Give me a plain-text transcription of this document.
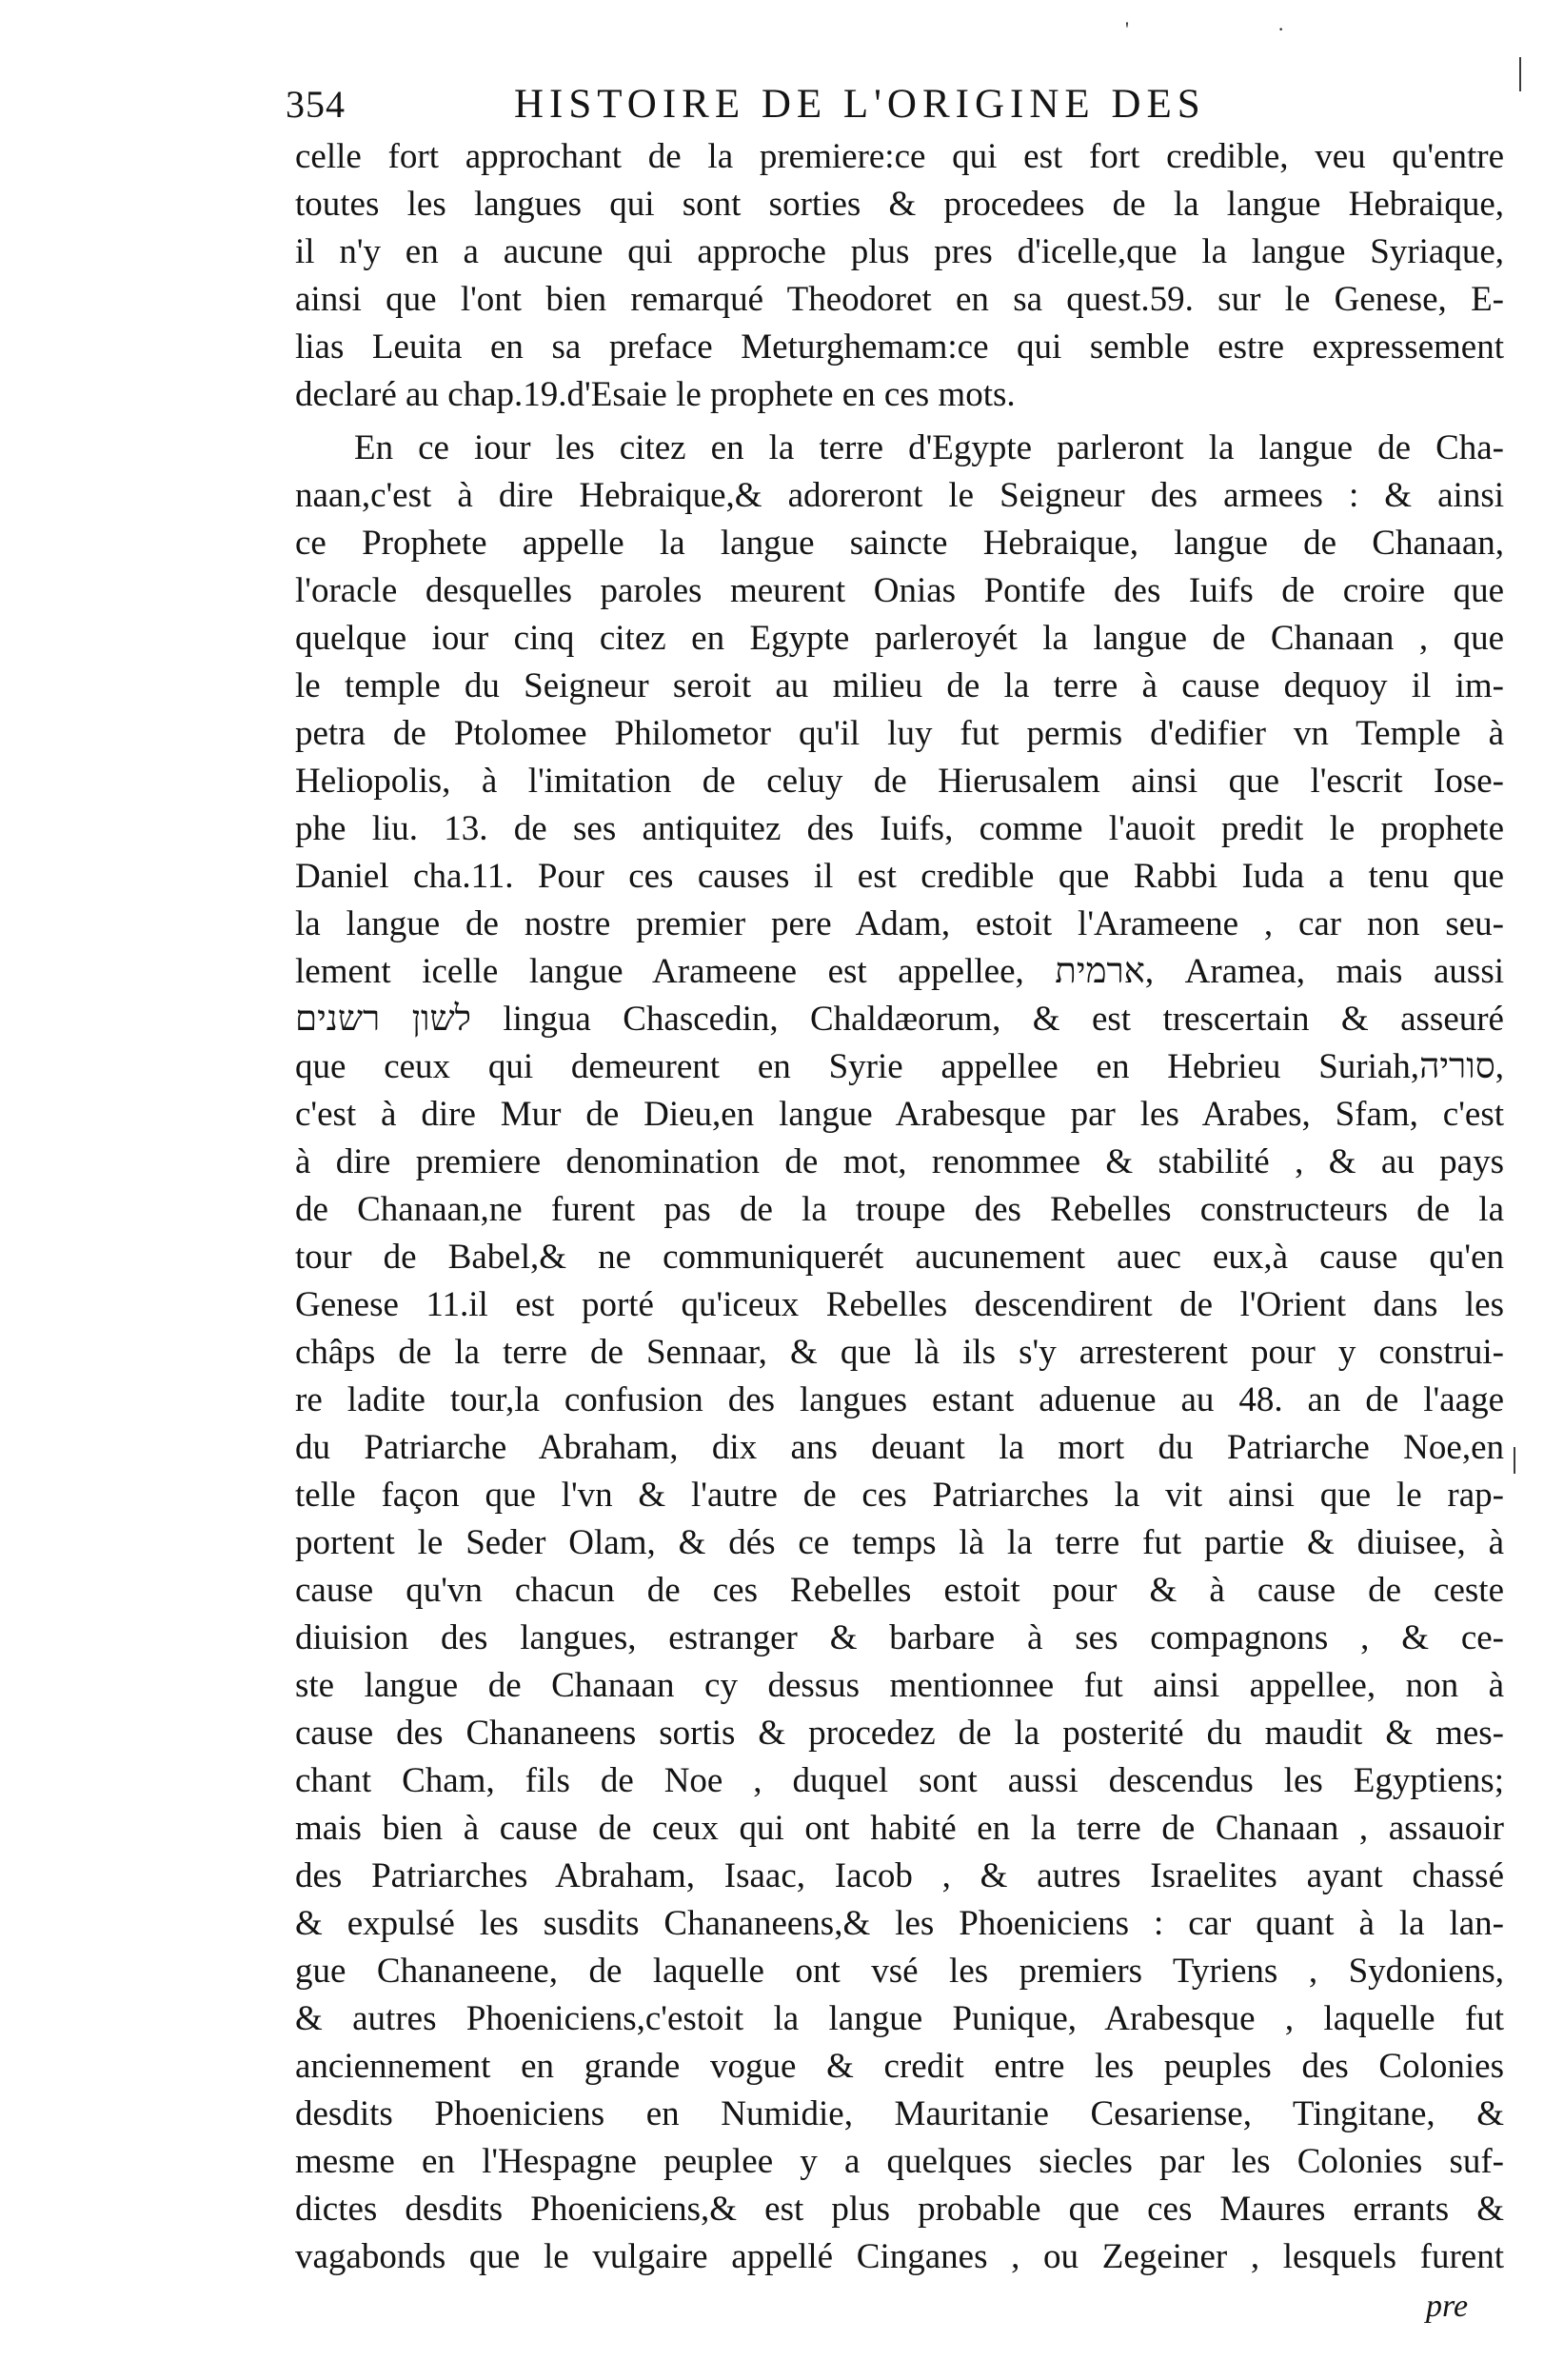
'	·
354	HISTOIRE DE L'ORIGINE DES
celle fort approchant de la premiere:ce qui est fort credible, veu qu'entre
toutes les langues qui sont sorties & procedees de la langue Hebraique,
il n'y en a aucune qui approche plus pres d'icelle,que la langue Syriaque,
ainsi que l'ont bien remarqué Theodoret en sa quest.59. sur le Genese, E-
lias Leuita en sa preface Meturghemam:ce qui semble estre expressement
declaré au chap.19.d'Esaie le prophete en ces mots.
En ce iour les citez en la terre d'Egypte parleront la langue de Cha-
naan,c'est à dire Hebraique,& adoreront le Seigneur des armees : & ainsi
ce Prophete appelle la langue saincte Hebraique, langue de Chanaan,
l'oracle desquelles paroles meurent Onias Pontife des Iuifs de croire que
quelque iour cinq citez en Egypte parleroyét la langue de Chanaan , que
le temple du Seigneur seroit au milieu de la terre à cause dequoy il im-
petra de Ptolomee Philometor qu'il luy fut permis d'edifier vn Temple à
Heliopolis, à l'imitation de celuy de Hierusalem ainsi que l'escrit Iose-
phe liu. 13. de ses antiquitez des Iuifs, comme l'auoit predit le prophete
Daniel cha.11. Pour ces causes il est credible que Rabbi Iuda a tenu que
la langue de nostre premier pere Adam, estoit l'Arameene , car non seu-
lement icelle langue Arameene est appellee, ארמית, Aramea, mais aussi
לשון רשנים lingua Chascedin, Chaldæorum, & est trescertain & asseuré
que ceux qui demeurent en Syrie appellee en Hebrieu Suriah,סוריה,
c'est à dire Mur de Dieu,en langue Arabesque par les Arabes, Sfam, c'est
à dire premiere denomination de mot, renommee & stabilité , & au pays
de Chanaan,ne furent pas de la troupe des Rebelles constructeurs de la
tour de Babel,& ne communiquerét aucunement auec eux,à cause qu'en
Genese 11.il est porté qu'iceux Rebelles descendirent de l'Orient dans les
châps de la terre de Sennaar, & que là ils s'y arresterent pour y construi-
re ladite tour,la confusion des langues estant aduenue au 48. an de l'aage
du Patriarche Abraham, dix ans deuant la mort du Patriarche Noe,en
telle façon que l'vn & l'autre de ces Patriarches la vit ainsi que le rap-
portent le Seder Olam, & dés ce temps là la terre fut partie & diuisee, à
cause qu'vn chacun de ces Rebelles estoit pour & à cause de ceste
diuision des langues, estranger & barbare à ses compagnons , & ce-
ste langue de Chanaan cy dessus mentionnee fut ainsi appellee, non à
cause des Chananeens sortis & procedez de la posterité du maudit & mes-
chant Cham, fils de Noe , duquel sont aussi descendus les Egyptiens;
mais bien à cause de ceux qui ont habité en la terre de Chanaan , assauoir
des Patriarches Abraham, Isaac, Iacob , & autres Israelites ayant chassé
& expulsé les susdits Chananeens,& les Phoeniciens : car quant à la lan-
gue Chananeene, de laquelle ont vsé les premiers Tyriens , Sydoniens,
& autres Phoeniciens,c'estoit la langue Punique, Arabesque , laquelle fut
anciennement en grande vogue & credit entre les peuples des Colonies
desdits Phoeniciens en Numidie, Mauritanie Cesariense, Tingitane, &
mesme en l'Hespagne peuplee y a quelques siecles par les Colonies suf-
dictes desdits Phoeniciens,& est plus probable que ces Maures errants &
vagabonds que le vulgaire appellé Cinganes , ou Zegeiner , lesquels furent
pre
